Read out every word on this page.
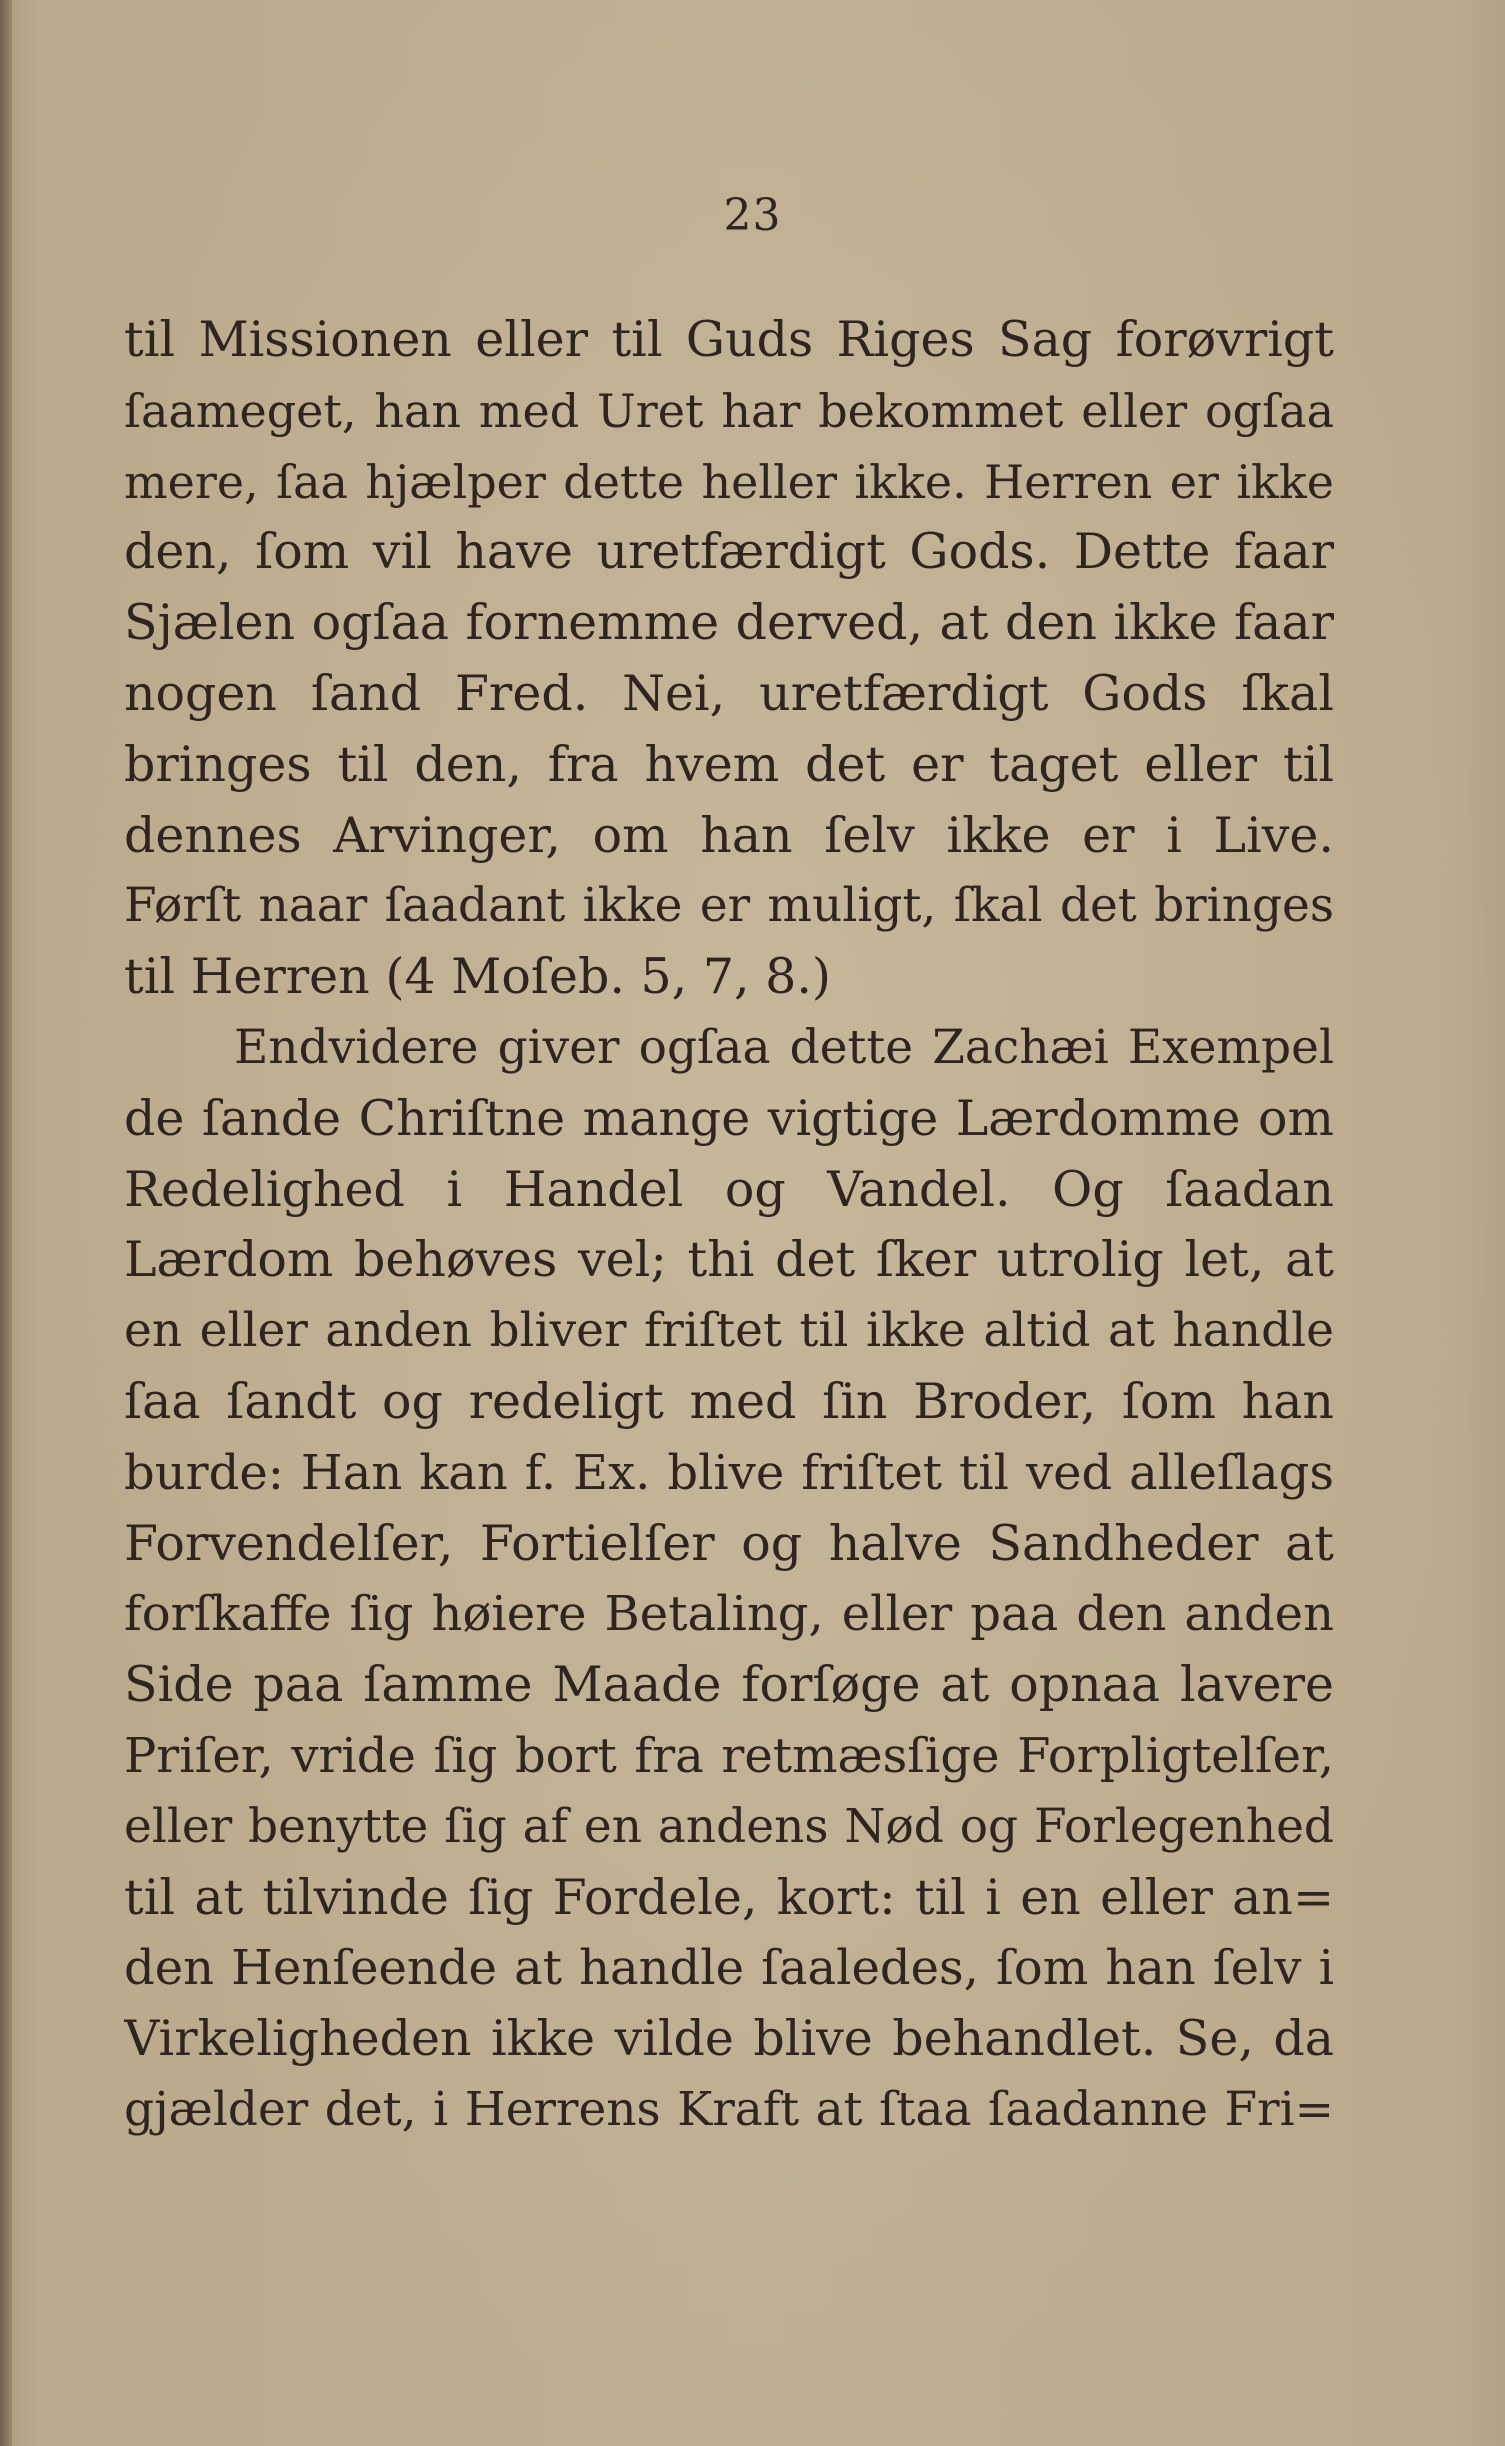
23
til Missionen eller til Guds Riges Sag forøvrigt
ſaameget, han med Uret har bekommet eller ogſaa
mere, ſaa hjælper dette heller ikke. Herren er ikke
den, ſom vil have uretfærdigt Gods. Dette faar
Sjælen ogſaa fornemme derved, at den ikke faar
nogen ſand Fred. Nei, uretfærdigt Gods ſkal
bringes til den, fra hvem det er taget eller til
dennes Arvinger, om han ſelv ikke er i Live.
Førſt naar ſaadant ikke er muligt, ſkal det bringes
til Herren (4 Moſeb. 5, 7, 8.)
Endvidere giver ogſaa dette Zachæi Exempel
de ſande Chriſtne mange vigtige Lærdomme om
Redelighed i Handel og Vandel. Og ſaadan
Lærdom behøves vel; thi det ſker utrolig let, at
en eller anden bliver friſtet til ikke altid at handle
ſaa ſandt og redeligt med ſin Broder, ſom han
burde: Han kan f. Ex. blive friſtet til ved alleſlags
Forvendelſer, Fortielſer og halve Sandheder at
forſkaffe ſig høiere Betaling, eller paa den anden
Side paa ſamme Maade forſøge at opnaa lavere
Priſer, vride ſig bort fra retmæsſige Forpligtelſer,
eller benytte ſig af en andens Nød og Forlegenhed
til at tilvinde ſig Fordele, kort: til i en eller an=
den Henſeende at handle ſaaledes, ſom han ſelv i
Virkeligheden ikke vilde blive behandlet. Se, da
gjælder det, i Herrens Kraft at ſtaa ſaadanne Fri=
